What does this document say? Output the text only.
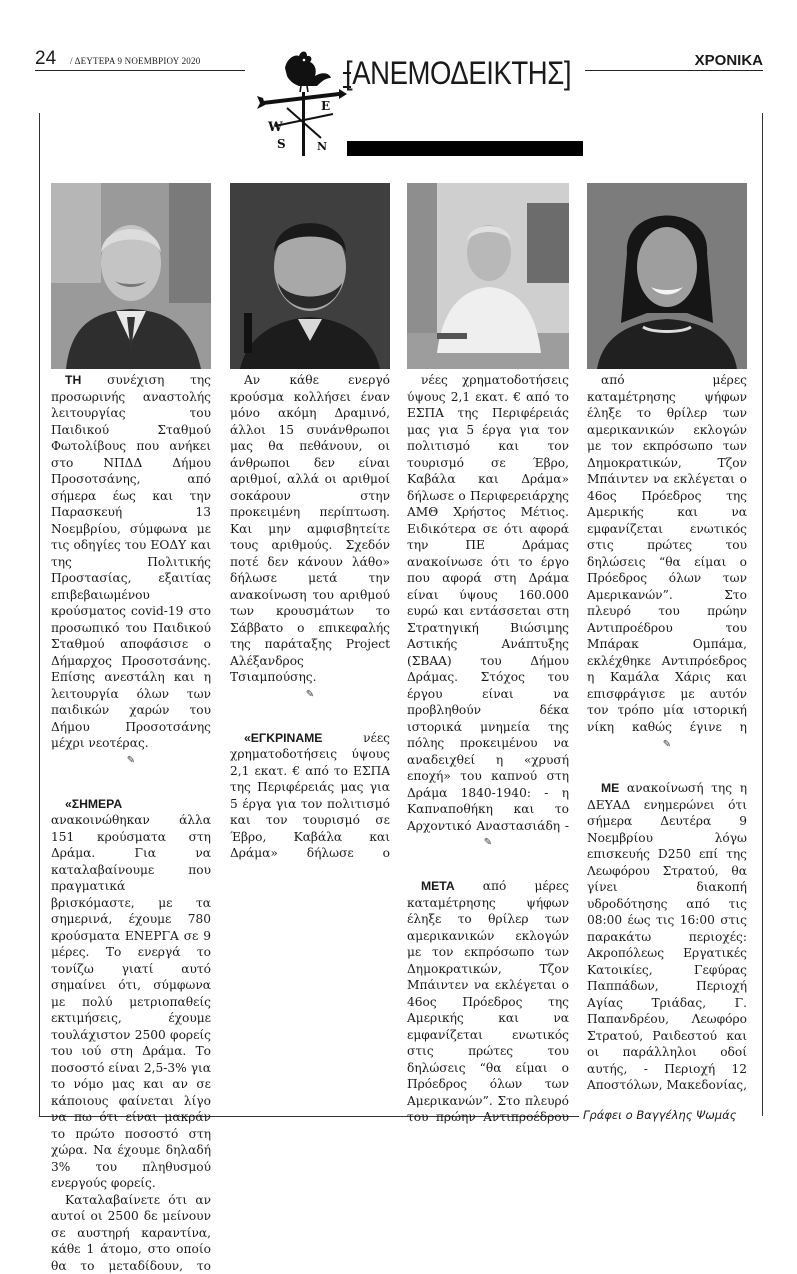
24 / ΔΕΥΤΕΡΑ 9 ΝΟΕΜΒΡΙΟΥ 2020	ΧΡΟΝΙΚΑ
W
E
S	N
[ΑΝΕΜΟΔΕΙΚΤΗΣ]
Γράφει ο Βαγγέλης Ψωμάς

ΤΗ συνέχιση της προσωρινής αναστολής λειτουργίας του Παιδικού Σταθμού Φωτολίβους που ανήκει στο ΝΠΔΔ Δήμου Προσοτσάνης, από σήμερα έως και την Παρασκευή 13 Νοεμβρίου, σύμφωνα με τις οδηγίες του ΕΟΔΥ και της Πολιτικής Προστασίας, εξαιτίας επιβεβαιωμένου κρούσματος covid-19 στο προσωπικό του Παιδικού Σταθμού αποφάσισε ο Δήμαρχος Προσοτσάνης. Επίσης ανεστάλη και η λειτουργία όλων των παιδικών χαρών του Δήμου Προσοτσάνης μέχρι νεοτέρας.

✎

«ΣΗΜΕΡΑ ανακοινώθηκαν άλλα 151 κρούσματα στη Δράμα. Για να καταλαβαίνουμε που πραγματικά βρισκόμαστε, με τα σημερινά, έχουμε 780 κρούσματα ΕΝΕΡΓΑ σε 9 μέρες. Το ενεργά το τονίζω γιατί αυτό σημαίνει ότι, σύμφωνα με πολύ μετριοπαθείς εκτιμήσεις, έχουμε τουλάχιστον 2500 φορείς του ιού στη Δράμα. Το ποσοστό είναι 2,5-3% για το νόμο μας και αν σε κάποιους φαίνεται λίγο να πω ότι είναι μακράν το πρώτο ποσοστό στη χώρα. Να έχουμε δηλαδή 3% του πληθυσμού ενεργούς φορείς.

Καταλαβαίνετε ότι αν αυτοί οι 2500 δε μείνουν σε αυστηρή καραντίνα, κάθε 1 άτομο, στο οποίο θα το μεταδίδουν, το

Αν κάθε ενεργό κρούσμα κολλήσει έναν μόνο ακόμη Δραμινό, άλλοι 15 συνάνθρωποι μας θα πεθάνουν, οι άνθρωποι δεν είναι αριθμοί, αλλά οι αριθμοί σοκάρουν στην προκειμένη περίπτωση. Και μην αμφισβητείτε τους αριθμούς. Σχεδόν ποτέ δεν κάνουν λάθο» δήλωσε μετά την ανακοίνωση του αριθμού των κρουσμάτων το Σάββατο ο επικεφαλής της παράταξης Project Αλέξανδρος Τσιαμπούσης.

✎

«ΕΓΚΡΙΝΑΜΕ	νέες χρηματοδοτήσεις ύψους 2,1 εκατ. € από το ΕΣΠΑ της Περιφέρειάς μας για 5 έργα για τον πολιτισμό και τον τουρισμό σε Έβρο, Καβάλα και Δράμα» δήλωσε ο

νέες χρηματοδοτήσεις ύψους 2,1 εκατ. € από το ΕΣΠΑ της Περιφέρειάς μας για 5 έργα για τον πολιτισμό και τον τουρισμό σε Έβρο, Καβάλα και Δράμα» δήλωσε ο Περιφερειάρχης ΑΜΘ Χρήστος Μέτιος. Ειδικότερα σε ότι αφορά την ΠΕ Δράμας ανακοίνωσε ότι το έργο που αφορά στη Δράμα είναι ύψους 160.000 ευρώ και εντάσσεται στη Στρατηγική Βιώσιμης Αστικής Ανάπτυξης (ΣΒΑΑ) του Δήμου Δράμας. Στόχος του έργου είναι να προβληθούν δέκα ιστορικά μνημεία της πόλης προκειμένου να αναδειχθεί η «χρυσή εποχή» του καπνού στη Δράμα 1840-1940: - η Καπναποθήκη και το Αρχοντικό Αναστασιάδη -

✎

ΜΕΤΑ από μέρες καταμέτρησης ψήφων έληξε το θρίλερ των αμερικανικών εκλογών με τον εκπρόσωπο των Δημοκρατικών, Τζον Μπάιντεν να εκλέγεται ο 46ος Πρόεδρος της Αμερικής και να εμφανίζεται ενωτικός στις πρώτες του δηλώσεις “θα είμαι ο Πρόεδρος όλων των Αμερικανών”. Στο πλευρό του πρώην Αντιπροέδρου

από μέρες καταμέτρησης ψήφων έληξε το θρίλερ των αμερικανικών εκλογών με τον εκπρόσωπο των Δημοκρατικών, Τζον Μπάιντεν να εκλέγεται ο 46ος Πρόεδρος της Αμερικής και να εμφανίζεται ενωτικός στις πρώτες του δηλώσεις “θα είμαι ο Πρόεδρος όλων των Αμερικανών”. Στο πλευρό του πρώην Αντιπροέδρου του Μπάρακ Ομπάμα, εκλέχθηκε Αντιπρόεδρος η Καμάλα Χάρις και επισφράγισε με αυτόν τον τρόπο μία ιστορική νίκη καθώς έγινε η

✎

ΜΕ ανακοίνωσή της η ΔΕΥΑΔ ενημερώνει ότι σήμερα Δευτέρα 9 Νοεμβρίου λόγω επισκευής D250 επί της Λεωφόρου Στρατού, θα γίνει διακοπή υδροδότησης από τις 08:00 έως τις 16:00 στις παρακάτω περιοχές: Ακροπόλεως Εργατικές Κατοικίες, Γεφύρας Παππάδων, Περιοχή Αγίας Τριάδας, Γ. Παπανδρέου, Λεωφόρο Στρατού, Ραιδεστού και οι παράλληλοι οδοί αυτής, - Περιοχή 12 Αποστόλων, Μακεδονίας,
